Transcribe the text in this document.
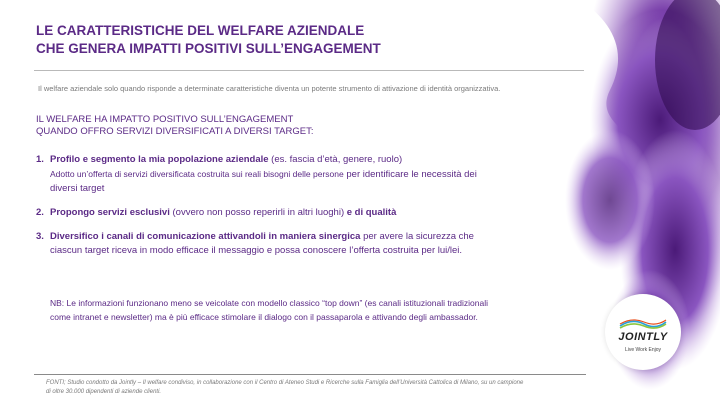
LE CARATTERISTICHE DEL WELFARE AZIENDALE
CHE GENERA IMPATTI POSITIVI SULL’ENGAGEMENT
Il welfare aziendale solo quando risponde a determinate caratteristiche diventa un potente strumento di attivazione di identità organizzativa.
IL WELFARE HA IMPATTO POSITIVO SULL’ENGAGEMENT
QUANDO OFFRO SERVIZI DIVERSIFICATI A DIVERSI TARGET:
1. Profilo e segmento la mia popolazione aziendale (es. fascia d’età, genere, ruolo)
Adotto un’offerta di servizi diversificata costruita sui reali bisogni delle persone per identificare le necessità dei diversi target
2. Propongo servizi esclusivi (ovvero non posso reperirli in altri luoghi) e di qualità
3. Diversifico i canali di comunicazione attivandoli in maniera sinergica per avere la sicurezza che ciascun target riceva in modo efficace il messaggio e possa conoscere l’offerta costruita per lui/lei.
NB: Le informazioni funzionano meno se veicolate con modello classico “top down” (es canali istituzionali tradizionali come intranet e newsletter) ma è più efficace stimolare il dialogo con il passaparola e attivando degli ambassador.
FONTI; Studio condotto da Jointly – Il welfare condiviso, in collaborazione con il Centro di Ateneo Studi e Ricerche sulla Famiglia dell’Università Cattolica di Milano, su un campione di oltre 30.000 dipendenti di aziende clienti.
JOINTLY
Live Work Enjoy
